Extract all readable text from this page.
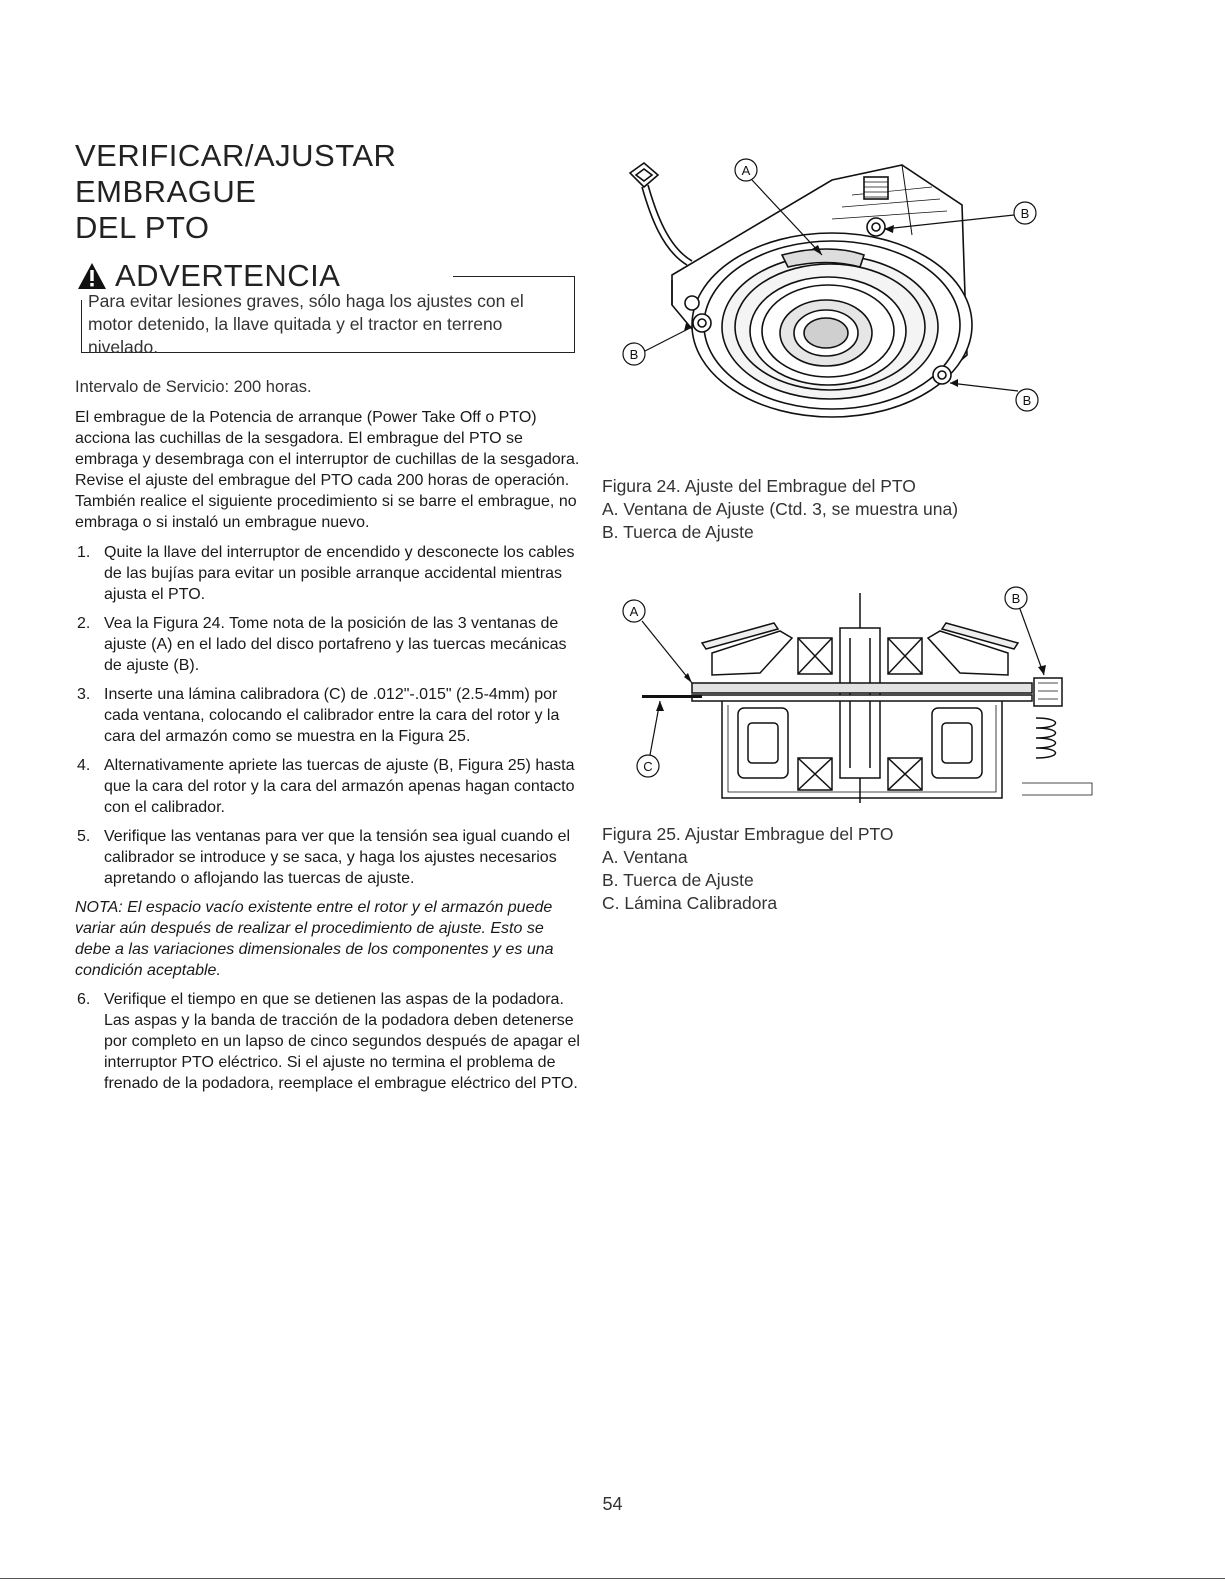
VERIFICAR/AJUSTAR EMBRAGUE
DEL PTO
ADVERTENCIA

Para evitar lesiones graves, sólo haga los ajustes con el motor detenido, la llave quitada y el tractor en terreno nivelado.

Intervalo de Servicio: 200 horas.

El embrague de la Potencia de arranque (Power Take Off o PTO) acciona las cuchillas de la sesgadora. El embrague del PTO se embraga y desembraga con el interruptor de cuchillas de la sesgadora. Revise el ajuste del embrague del PTO cada 200 horas de operación. También realice el siguiente procedimiento si se barre el embrague, no embraga o si instaló un embrague nuevo.

1. Quite la llave del interruptor de encendido y desconecte los cables de las bujías para evitar un posible arranque accidental mientras ajusta el PTO.
2. Vea la Figura 24. Tome nota de la posición de las 3 ventanas de ajuste (A) en el lado del disco portafreno y las tuercas mecánicas de ajuste (B).
3. Inserte una lámina calibradora (C) de .012"-.015" (2.5-4mm) por cada ventana, colocando el calibrador entre la cara del rotor y la cara del armazón como se muestra en la Figura 25.
4. Alternativamente apriete las tuercas de ajuste (B, Figura 25) hasta que la cara del rotor y la cara del armazón apenas hagan contacto con el calibrador.
5. Verifique las ventanas para ver que la tensión sea igual cuando el calibrador se introduce y se saca, y haga los ajustes necesarios apretando o aflojando las tuercas de ajuste.

NOTA: El espacio vacío existente entre el rotor y el armazón puede variar aún después de realizar el procedimiento de ajuste. Esto se debe a las variaciones dimensionales de los componentes y es una condición aceptable.

6. Verifique el tiempo en que se detienen las aspas de la podadora. Las aspas y la banda de tracción de la podadora deben detenerse por completo en un lapso de cinco segundos después de apagar el interruptor PTO eléctrico. Si el ajuste no termina el problema de frenado de la podadora, reemplace el embrague eléctrico del PTO.
A
B
B
B
Figura 24. Ajuste del Embrague del PTO
A. Ventana de Ajuste (Ctd. 3, se muestra una)
B. Tuerca de Ajuste
A
B
C
Figura 25. Ajustar Embrague del PTO
A. Ventana
B. Tuerca de Ajuste
C. Lámina Calibradora
54
